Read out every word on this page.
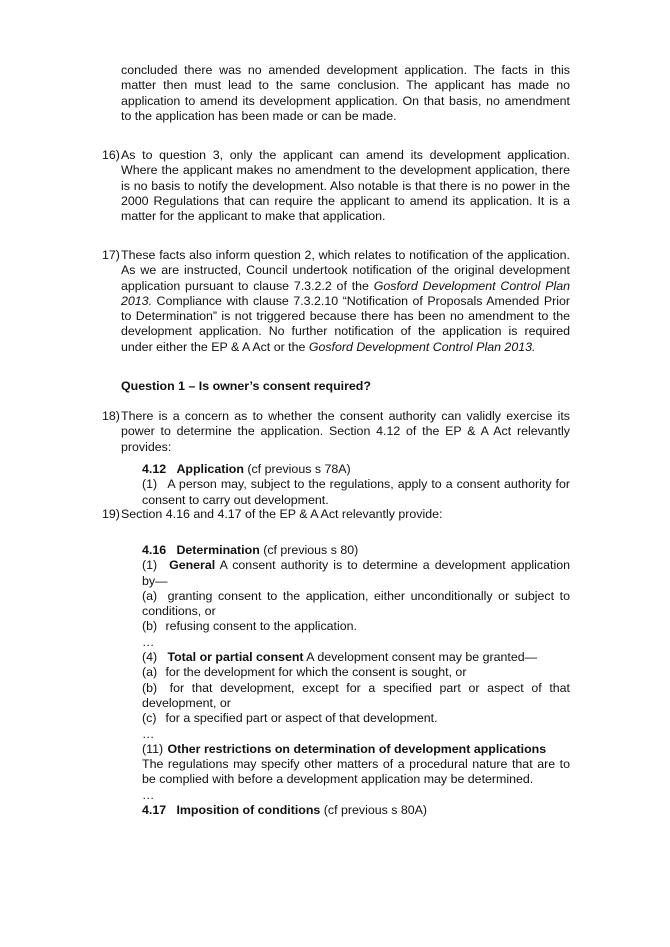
concluded there was no amended development application. The facts in this matter then must lead to the same conclusion. The applicant has made no application to amend its development application. On that basis, no amendment to the application has been made or can be made.

16) As to question 3, only the applicant can amend its development application. Where the applicant makes no amendment to the development application, there is no basis to notify the development. Also notable is that there is no power in the 2000 Regulations that can require the applicant to amend its application. It is a matter for the applicant to make that application.
17) These facts also inform question 2, which relates to notification of the application. As we are instructed, Council undertook notification of the original development application pursuant to clause 7.3.2.2 of the Gosford Development Control Plan 2013. Compliance with clause 7.3.2.10 “Notification of Proposals Amended Prior to Determination” is not triggered because there has been no amendment to the development application. No further notification of the application is required under either the EP & A Act or the Gosford Development Control Plan 2013.
Question 1 – Is owner’s consent required?
18) There is a concern as to whether the consent authority can validly exercise its power to determine the application. Section 4.12 of the EP & A Act relevantly provides:

4.12 Application (cf previous s 78A)

(1) A person may, subject to the regulations, apply to a consent authority for consent to carry out development.

19) Section 4.16 and 4.17 of the EP & A Act relevantly provide:

4.16 Determination (cf previous s 80)

(1) General A consent authority is to determine a development application by—

(a) granting consent to the application, either unconditionally or subject to conditions, or

(b) refusing consent to the application.

…

(4) Total or partial consent A development consent may be granted—

(a) for the development for which the consent is sought, or

(b) for that development, except for a specified part or aspect of that development, or

(c) for a specified part or aspect of that development.

…

(11) Other restrictions on determination of development applications

The regulations may specify other matters of a procedural nature that are to be complied with before a development application may be determined.

…

4.17 Imposition of conditions (cf previous s 80A)
